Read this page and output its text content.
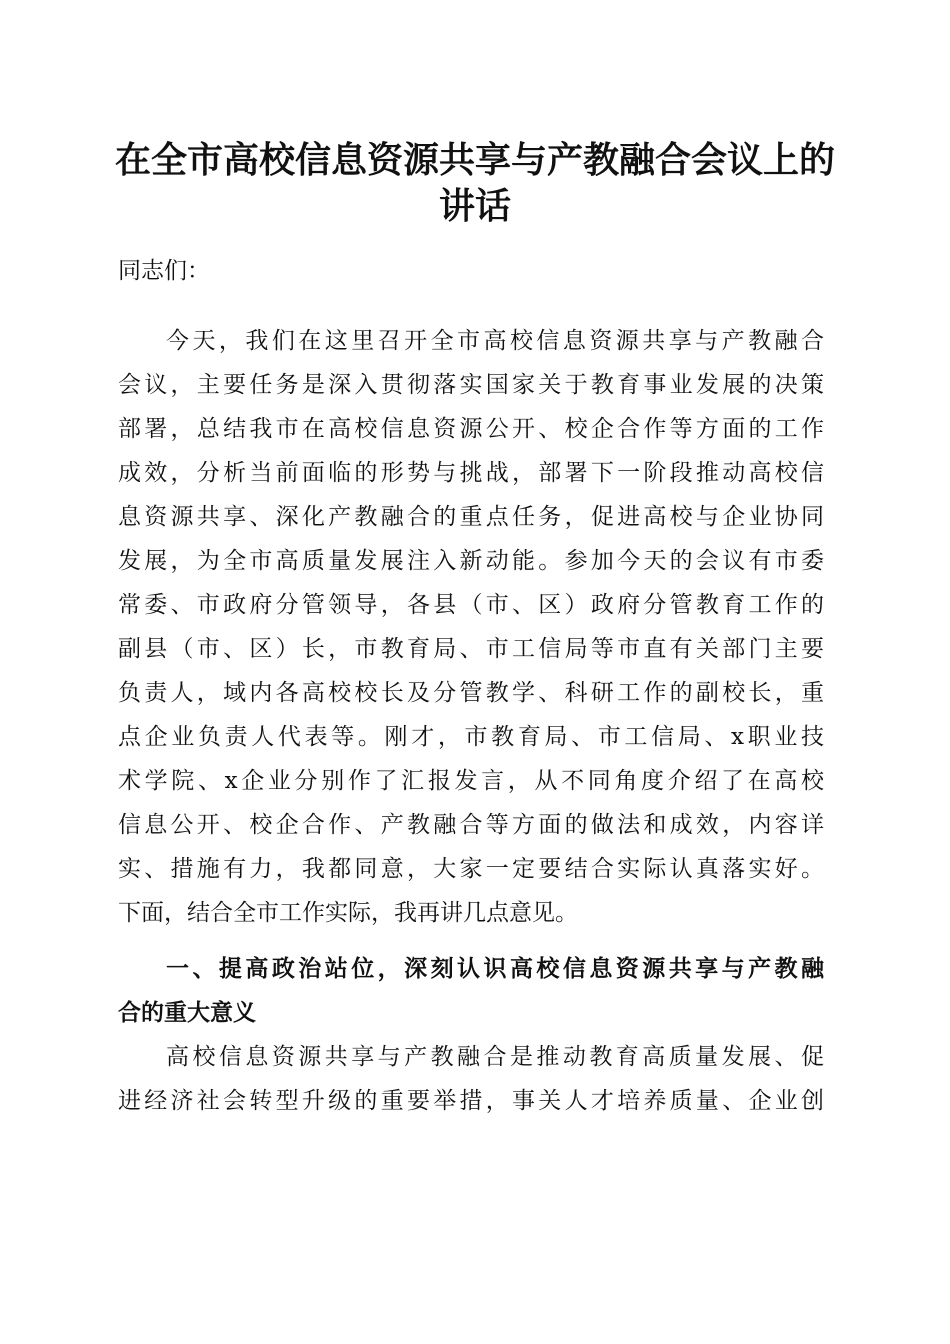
在全市高校信息资源共享与产教融合会议上的
讲话

同志们：

今天，我们在这里召开全市高校信息资源共享与产教融合

会议，主要任务是深入贯彻落实国家关于教育事业发展的决策

部署，总结我市在高校信息资源公开、校企合作等方面的工作

成效，分析当前面临的形势与挑战，部署下一阶段推动高校信

息资源共享、深化产教融合的重点任务，促进高校与企业协同

发展，为全市高质量发展注入新动能。参加今天的会议有市委

常委、市政府分管领导，各县（市、区）政府分管教育工作的

副县（市、区）长，市教育局、市工信局等市直有关部门主要

负责人，域内各高校校长及分管教学、科研工作的副校长，重

点企业负责人代表等。刚才，市教育局、市工信局、x职业技

术学院、x企业分别作了汇报发言，从不同角度介绍了在高校

信息公开、校企合作、产教融合等方面的做法和成效，内容详

实、措施有力，我都同意，大家一定要结合实际认真落实好。

下面，结合全市工作实际，我再讲几点意见。

一、提高政治站位，深刻认识高校信息资源共享与产教融

合的重大意义

高校信息资源共享与产教融合是推动教育高质量发展、促

进经济社会转型升级的重要举措，事关人才培养质量、企业创
